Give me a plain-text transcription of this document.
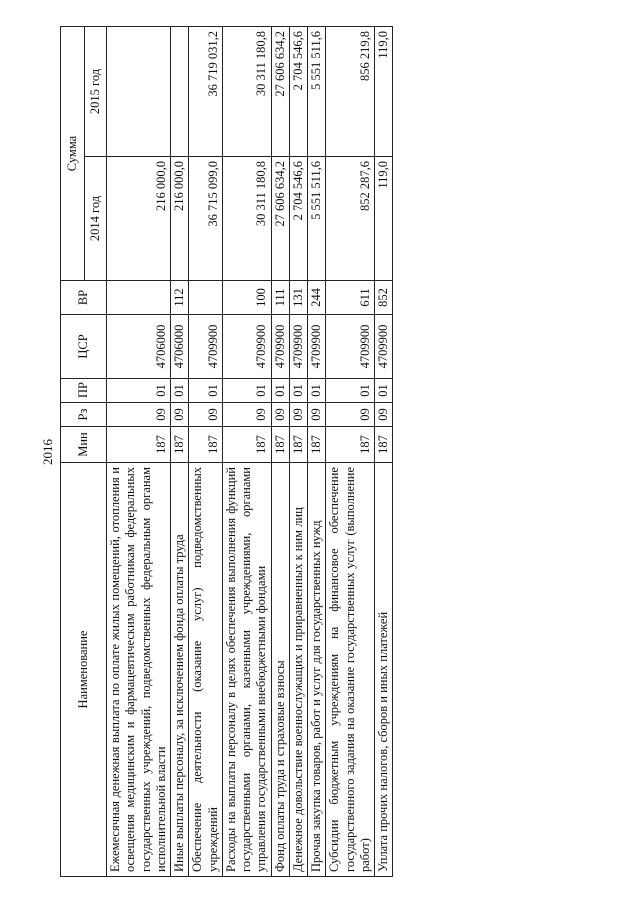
2016
Наименование	Мин	Рз	ПР	ЦСР	ВР	Сумма	
						2014 год	2015 год
Ежемесячная денежная выплата по оплате жилых помещений, отопления и освещения медицинским и фармацевтическим работникам федеральных государственных учреждений, подведомственных федеральным органам исполнительной власти	187	09	01	4706000		216 000,0	
Иные выплаты персоналу, за исключением фонда оплаты труда	187	09	01	4706000	112	216 000,0	
Обеспечение деятельности (оказание услуг) подведомственных учреждений	187	09	01	4709900		36 715 099,0	36 719 031,2
Расходы на выплаты персоналу в целях обеспечения выполнения функций государственными органами, казенными учреждениями, органами управления государственными внебюджетными фондами	187	09	01	4709900	100	30 311 180,8	30 311 180,8
Фонд оплаты труда и страховые взносы	187	09	01	4709900	111	27 606 634,2	27 606 634,2
Денежное довольствие военнослужащих и приравненных к ним лиц	187	09	01	4709900	131	2 704 546,6	2 704 546,6
Прочая закупка товаров, работ и услуг для государственных нужд	187	09	01	4709900	244	5 551 511,6	5 551 511,6
Субсидии бюджетным учреждениям на финансовое обеспечение государственного задания на оказание государственных услуг (выполнение работ)	187	09	01	4709900	611	852 287,6	856 219,8
Уплата прочих налогов, сборов и иных платежей	187	09	01	4709900	852	119,0	119,0
